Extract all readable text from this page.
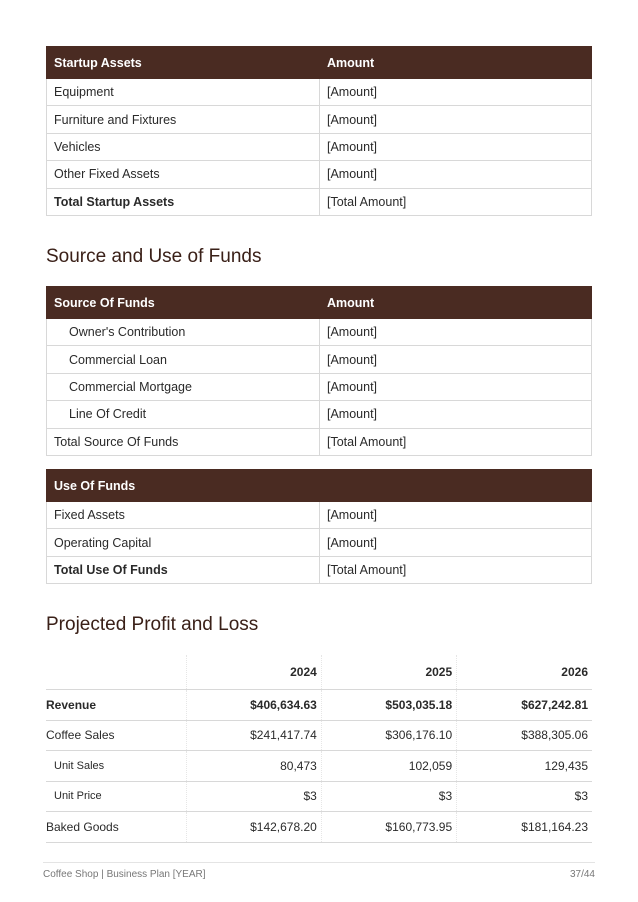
Startup Assets	Amount
Equipment	[Amount]
Furniture and Fixtures	[Amount]
Vehicles	[Amount]
Other Fixed Assets	[Amount]
Total Startup Assets	[Total Amount]
Source and Use of Funds
Source Of Funds	Amount
Owner's Contribution	[Amount]
Commercial Loan	[Amount]
Commercial Mortgage	[Amount]
Line Of Credit	[Amount]
Total Source Of Funds	[Total Amount]
Use Of Funds	
Fixed Assets	[Amount]
Operating Capital	[Amount]
Total Use Of Funds	[Total Amount]
Projected Profit and Loss
	2024	2025	2026
Revenue	$406,634.63	$503,035.18	$627,242.81
Coffee Sales	$241,417.74	$306,176.10	$388,305.06
Unit Sales	80,473	102,059	129,435
Unit Price	$3	$3	$3
Baked Goods	$142,678.20	$160,773.95	$181,164.23
Coffee Shop | Business Plan [YEAR]	37/44
